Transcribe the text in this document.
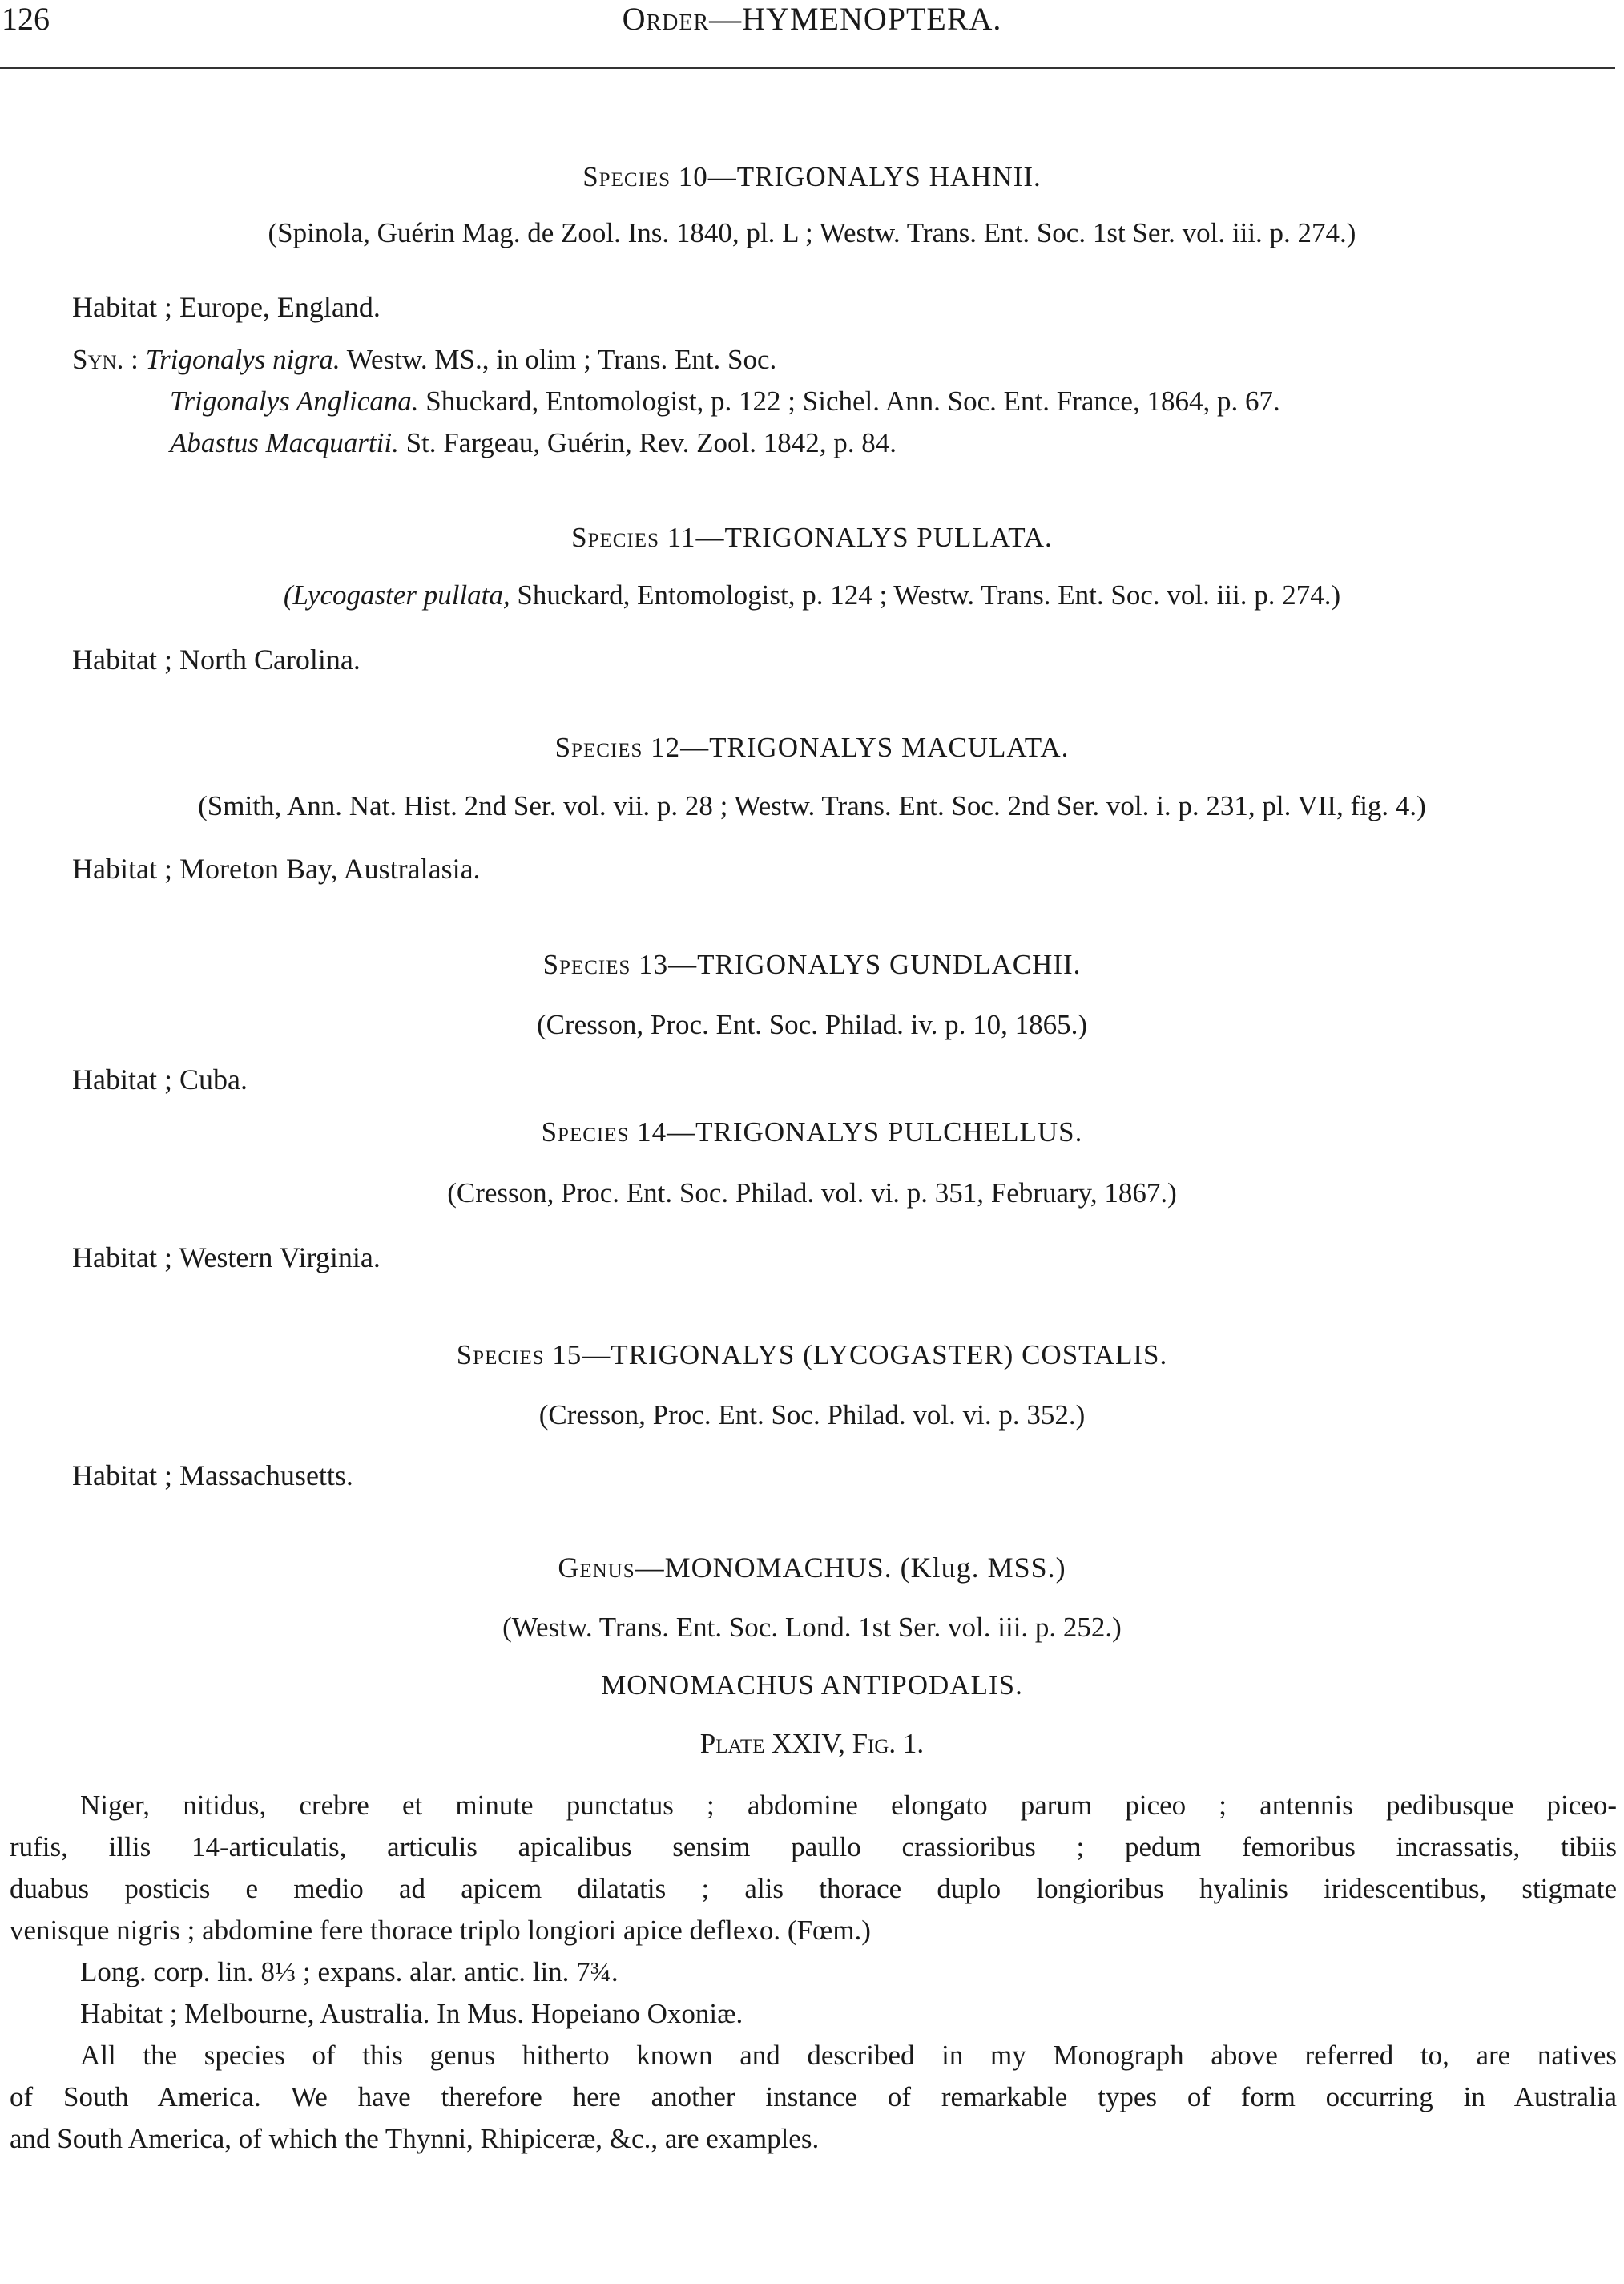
126	Order—HYMENOPTERA.
Species 10—TRIGONALYS HAHNII.
(Spinola, Guérin Mag. de Zool. Ins. 1840, pl. L ; Westw. Trans. Ent. Soc. 1st Ser. vol. iii. p. 274.)
Habitat ; Europe, England.
Syn. : Trigonalys nigra. Westw. MS., in olim ; Trans. Ent. Soc.
Trigonalys Anglicana. Shuckard, Entomologist, p. 122 ; Sichel. Ann. Soc. Ent. France, 1864, p. 67.
Abastus Macquartii. St. Fargeau, Guérin, Rev. Zool. 1842, p. 84.
Species 11—TRIGONALYS PULLATA.
(Lycogaster pullata, Shuckard, Entomologist, p. 124 ; Westw. Trans. Ent. Soc. vol. iii. p. 274.)
Habitat ; North Carolina.
Species 12—TRIGONALYS MACULATA.
(Smith, Ann. Nat. Hist. 2nd Ser. vol. vii. p. 28 ; Westw. Trans. Ent. Soc. 2nd Ser. vol. i. p. 231, pl. VII, fig. 4.)
Habitat ; Moreton Bay, Australasia.
Species 13—TRIGONALYS GUNDLACHII.
(Cresson, Proc. Ent. Soc. Philad. iv. p. 10, 1865.)
Habitat ; Cuba.
Species 14—TRIGONALYS PULCHELLUS.
(Cresson, Proc. Ent. Soc. Philad. vol. vi. p. 351, February, 1867.)
Habitat ; Western Virginia.
Species 15—TRIGONALYS (LYCOGASTER) COSTALIS.
(Cresson, Proc. Ent. Soc. Philad. vol. vi. p. 352.)
Habitat ; Massachusetts.
Genus—MONOMACHUS. (Klug. MSS.)
(Westw. Trans. Ent. Soc. Lond. 1st Ser. vol. iii. p. 252.)
MONOMACHUS ANTIPODALIS.
Plate XXIV, Fig. 1.
Niger, nitidus, crebre et minute punctatus ; abdomine elongato parum piceo ; antennis pedibusque piceo-
rufis, illis 14-articulatis, articulis apicalibus sensim paullo crassioribus ; pedum femoribus incrassatis, tibiis
duabus posticis e medio ad apicem dilatatis ; alis thorace duplo longioribus hyalinis iridescentibus, stigmate
venisque nigris ; abdomine fere thorace triplo longiori apice deflexo. (Fœm.)
Long. corp. lin. 8⅓ ; expans. alar. antic. lin. 7¾.
Habitat ; Melbourne, Australia. In Mus. Hopeiano Oxoniæ.
All the species of this genus hitherto known and described in my Monograph above referred to, are natives
of South America. We have therefore here another instance of remarkable types of form occurring in Australia
and South America, of which the Thynni, Rhipiceræ, &c., are examples.
